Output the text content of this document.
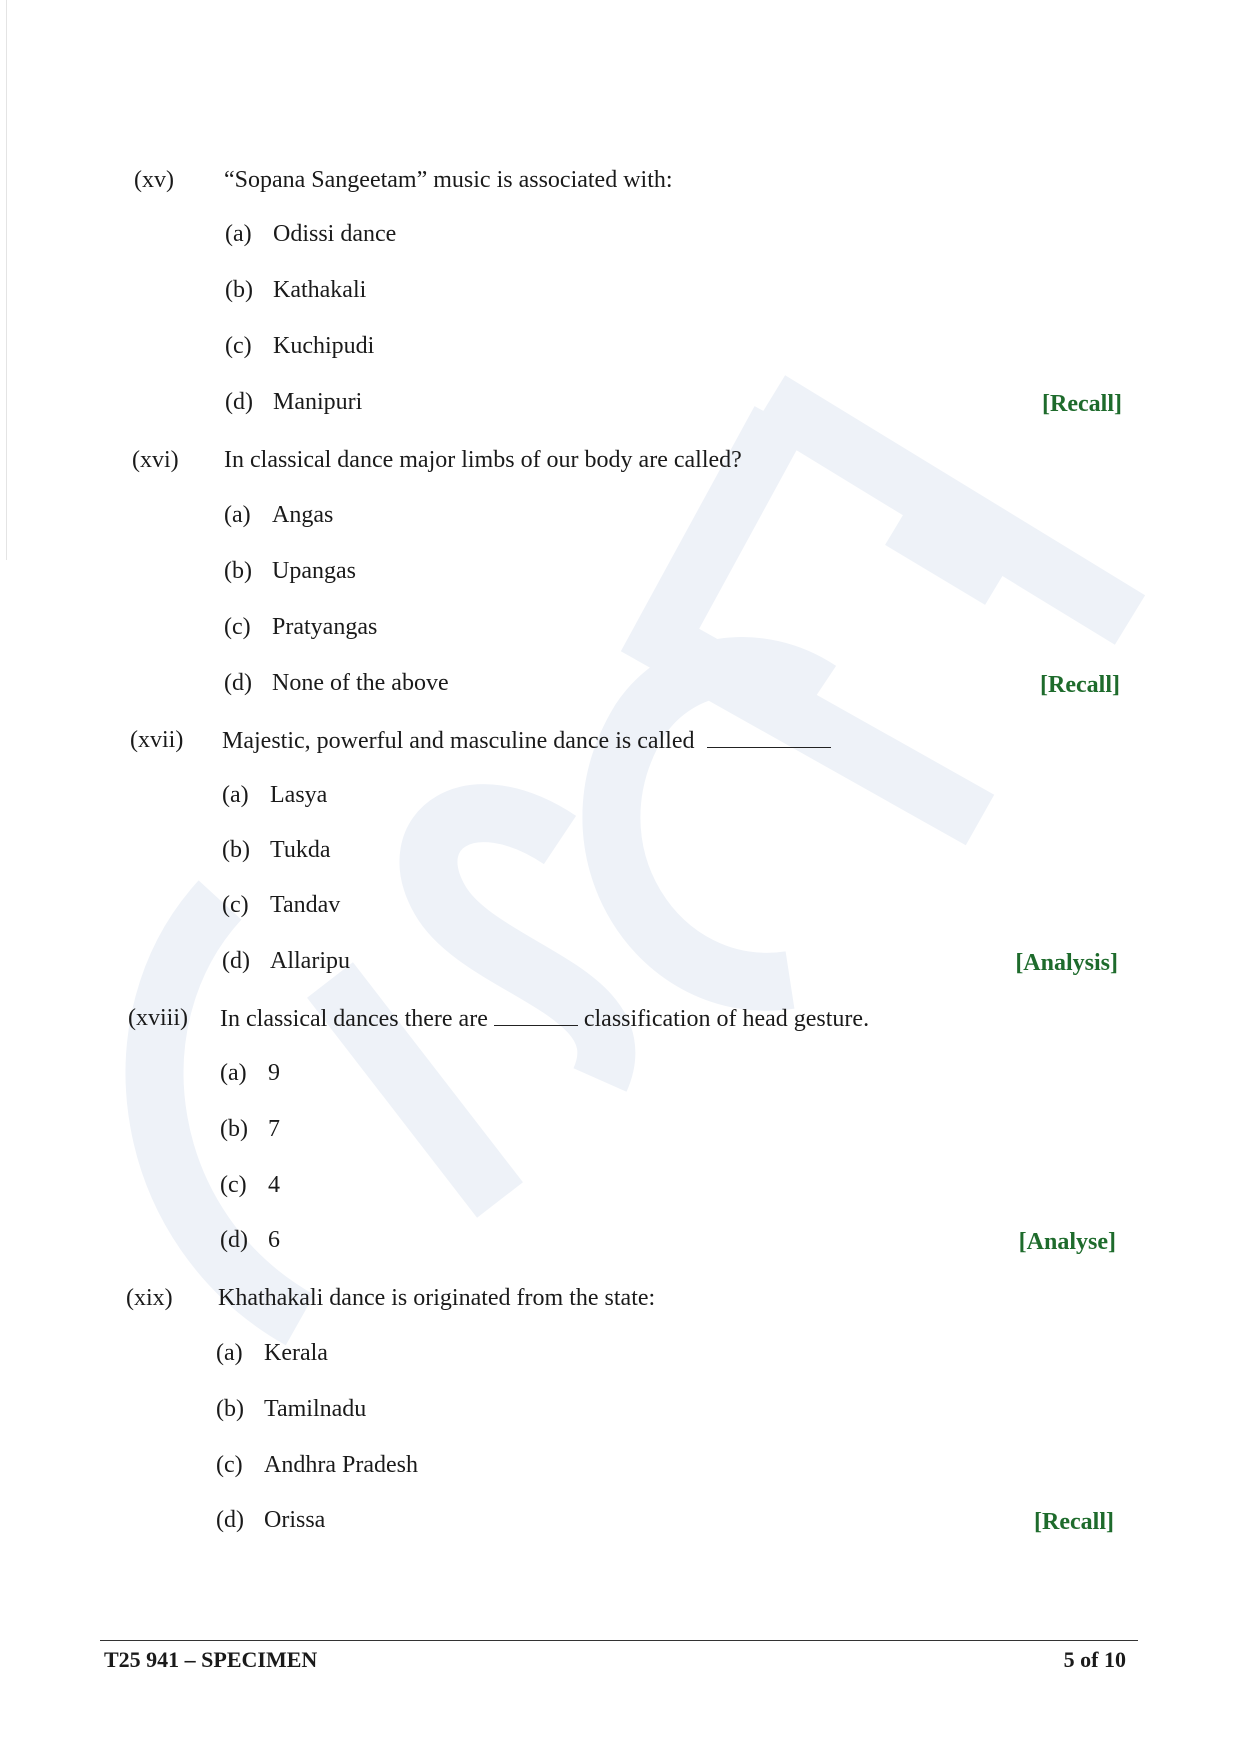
(xv) “Sopana Sangeetam” music is associated with:
(a) Odissi dance
(b) Kathakali
(c) Kuchipudi
(d) Manipuri	[Recall]
(xvi) In classical dance major limbs of our body are called?
(a) Angas
(b) Upangas
(c) Pratyangas
(d) None of the above	[Recall]
(xvii) Majestic, powerful and masculine dance is called
(a) Lasya
(b) Tukda
(c) Tandav
(d) Allaripu	[Analysis]
(xviii) In classical dances there are	classification of head gesture.
(a) 9
(b) 7
(c) 4
(d) 6	[Analyse]
(xix) Khathakali dance is originated from the state:
(a) Kerala
(b) Tamilnadu
(c) Andhra Pradesh
(d) Orissa	[Recall]
T25 941 – SPECIMEN	5 of 10
